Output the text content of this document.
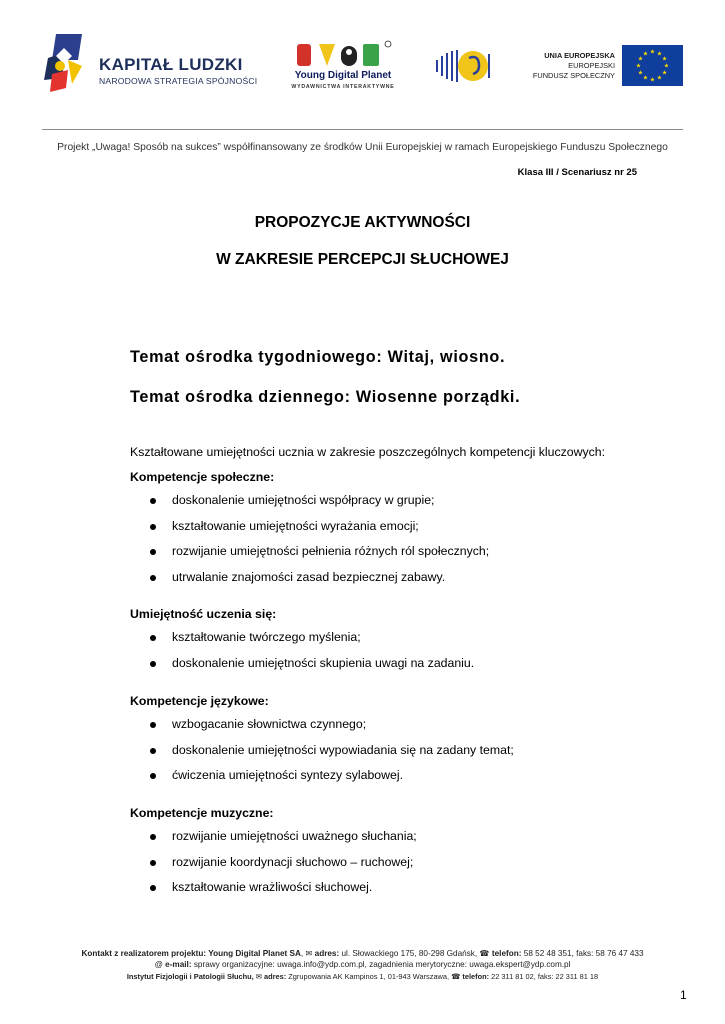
KAPITAŁ LUDZKI
NARODOWA STRATEGIA SPÓJNOŚCI	Young Digital Planet
WYDAWNICTWA INTERAKTYWNE
UNIA EUROPEJSKA
EUROPEJSKI
FUNDUSZ SPOŁECZNY
★ ★
★
★
★
★
★
★
★
★
★
★
Projekt „Uwaga! Sposób na sukces” współfinansowany ze środków Unii Europejskiej w ramach Europejskiego Funduszu Społecznego
Klasa III / Scenariusz nr 25
PROPOZYCJE AKTYWNOŚCI
W ZAKRESIE PERCEPCJI SŁUCHOWEJ
Temat ośrodka tygodniowego: Witaj, wiosno.
Temat ośrodka dziennego: Wiosenne porządki.
Kształtowane umiejętności ucznia w zakresie poszczególnych kompetencji kluczowych:

Kompetencje społeczne:

doskonalenie umiejętności współpracy w grupie;
kształtowanie umiejętności wyrażania emocji;
rozwijanie umiejętności pełnienia różnych ról społecznych;
utrwalanie znajomości zasad bezpiecznej zabawy.

Umiejętność uczenia się:

kształtowanie twórczego myślenia;
doskonalenie umiejętności skupienia uwagi na zadaniu.

Kompetencje językowe:

wzbogacanie słownictwa czynnego;
doskonalenie umiejętności wypowiadania się na zadany temat;
ćwiczenia umiejętności syntezy sylabowej.

Kompetencje muzyczne:

rozwijanie umiejętności uważnego słuchania;
rozwijanie koordynacji słuchowo – ruchowej;
kształtowanie wrażliwości słuchowej.
Kontakt z realizatorem projektu: Young Digital Planet SA, ✉ adres: ul. Słowackiego 175, 80-298 Gdańsk, ☎ telefon: 58 52 48 351, faks: 58 76 47 433
@ e-mail: sprawy organizacyjne: uwaga.info@ydp.com.pl, zagadnienia merytoryczne: uwaga.ekspert@ydp.com.pl
Instytut Fizjologii i Patologii Słuchu, ✉ adres: Zgrupowania AK Kampinos 1, 01-943 Warszawa, ☎ telefon: 22 311 81 02, faks: 22 311 81 18
1
